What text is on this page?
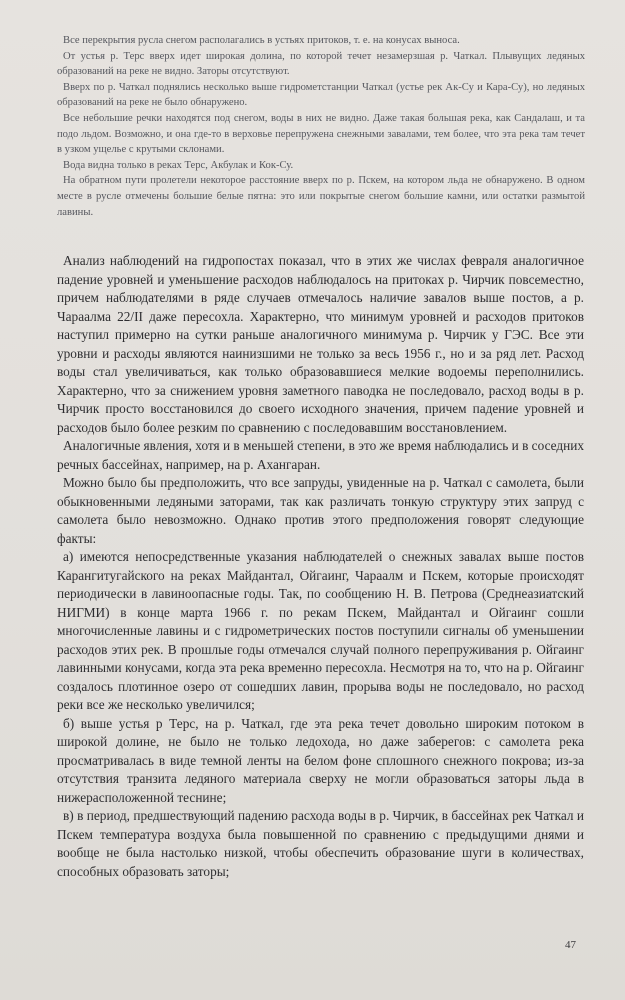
Все перекрытия русла снегом располагались в устьях притоков, т. е. на конусах выноса.

От устья р. Терс вверх идет широкая долина, по которой течет незамерзшая р. Чаткал. Плывущих ледяных образований на реке не видно. Заторы отсутствуют.

Вверх по р. Чаткал поднялись несколько выше гидрометстанции Чаткал (устье рек Ак-Су и Кара-Су), но ледяных образований на реке не было обнаружено.

Все небольшие речки находятся под снегом, воды в них не видно. Даже такая большая река, как Сандалаш, и та подо льдом. Возможно, и она где-то в верховье перепружена снежными завалами, тем более, что эта река там течет в узком ущелье с крутыми склонами.

Вода видна только в реках Терс, Акбулак и Кок-Су.

На обратном пути пролетели некоторое расстояние вверх по р. Пскем, на котором льда не обнаружено. В одном месте в русле отмечены большие белые пятна: это или покрытые снегом большие камни, или остатки размытой лавины.

Анализ наблюдений на гидропостах показал, что в этих же числах февраля аналогичное падение уровней и уменьшение расходов наблюдалось на притоках р. Чирчик повсеместно, причем наблюдателями в ряде случаев отмечалось наличие завалов выше постов, а р. Чараалма 22/II даже пересохла. Характерно, что минимум уровней и расходов притоков наступил примерно на сутки раньше аналогичного минимума р. Чирчик у ГЭС. Все эти уровни и расходы являются наинизшими не только за весь 1956 г., но и за ряд лет. Расход воды стал увеличиваться, как только образовавшиеся мелкие водоемы переполнились. Характерно, что за снижением уровня заметного паводка не последовало, расход воды в р. Чирчик просто восстановился до своего исходного значения, причем падение уровней и расходов было более резким по сравнению с последовавшим восстановлением.

Аналогичные явления, хотя и в меньшей степени, в это же время наблюдались и в соседних речных бассейнах, например, на р. Ахангаран.

Можно было бы предположить, что все запруды, увиденные на р. Чаткал с самолета, были обыкновенными ледяными заторами, так как различать тонкую структуру этих запруд с самолета было невозможно. Однако против этого предположения говорят следующие факты:

а) имеются непосредственные указания наблюдателей о снежных завалах выше постов Карангитугайского на реках Майдантал, Ойгаинг, Чараалм и Пскем, которые происходят периодически в лавиноопасные годы. Так, по сообщению Н. В. Петрова (Среднеазиатский НИГМИ) в конце марта 1966 г. по рекам Пскем, Майдантал и Ойгаинг сошли многочисленные лавины и с гидрометрических постов поступили сигналы об уменьшении расходов этих рек. В прошлые годы отмечался случай полного перепруживания р. Ойгаинг лавинными конусами, когда эта река временно пересохла. Несмотря на то, что на р. Ойгаинг создалось плотинное озеро от сошедших лавин, прорыва воды не последовало, но расход реки все же несколько увеличился;

б) выше устья р Терс, на р. Чаткал, где эта река течет довольно широким потоком в широкой долине, не было не только ледохода, но даже заберегов: с самолета река просматривалась в виде темной ленты на белом фоне сплошного снежного покрова; из-за отсутствия транзита ледяного материала сверху не могли образоваться заторы льда в нижерасположенной теснине;

в) в период, предшествующий падению расхода воды в р. Чирчик, в бассейнах рек Чаткал и Пскем температура воздуха была повышенной по сравнению с предыдущими днями и вообще не была настолько низкой, чтобы обеспечить образование шуги в количествах, способных образовать заторы;

47
